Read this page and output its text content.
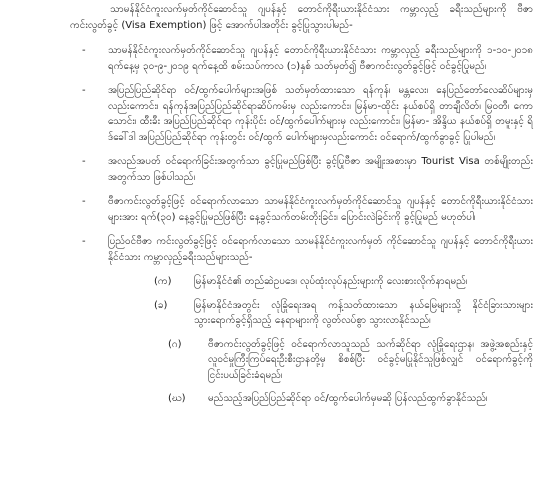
သာမန်နိုင်ငံကူးလက်မှတ်ကိုင်ဆောင်သူ ဂျပန်နှင့် တောင်ကိုရီးယားနိုင်ငံသား ကမ္ဘာလှည့် ခရီးသည်များကို ဗီဇာကင်းလွတ်ခွင့် (Visa Exemption) ဖြင့် အောက်ပါအတိုင်း ခွင့်ပြုသွားပါမည်-

- သာမန်နိုင်ငံကူးလက်မှတ်ကိုင်ဆောင်သူ ဂျပန်နှင့် တောင်ကိုရီးယားနိုင်ငံသား ကမ္ဘာလှည့် ခရီးသည်များကို ၁-၁၀-၂၀၁၈ ရက်နေ့မှ ၃၀-၉-၂၀၁၉ ရက်နေ့ထိ စမ်းသပ်ကာလ (၁)နှစ် သတ်မှတ်၍ ဗီဇာကင်းလွတ်ခွင့်ဖြင့် ဝင်ခွင့်ပြုမည်၊
- အပြည်ပြည်ဆိုင်ရာ ဝင်/ထွက်ပေါက်များအဖြစ် သတ်မှတ်ထားသော ရန်ကုန်၊ မန္တလေး၊ နေပြည်တော်လေဆိပ်များမှ လည်းကောင်း၊ ရန်ကုန်အပြည်ပြည်ဆိုင်ရာဆိပ်ကမ်းမှ လည်းကောင်း၊ မြန်မာ-ထိုင်း နယ်စပ်ရှိ တာချီလိတ်၊ မြဝတီ၊ ကောသောင်း၊ ထီးခီး အပြည်ပြည်ဆိုင်ရာ ကုန်းပိုင်း ဝင်/ထွက်ပေါက်များမှ လည်းကောင်း၊ မြန်မာ- အိန္ဒိယ နယ်စပ်ရှိ တမူးနှင့် ရိဒ်ခေါ်ဒါ အပြည်ပြည်ဆိုင်ရာ ကုန်းတွင်း ဝင်/ထွက် ပေါက်များမှလည်းကောင်း ဝင်ရောက်/ထွက်ခွာခွင့် ပြုပါမည်၊
- အလည်အပတ် ဝင်ရောက်ခြင်းအတွက်သာ ခွင့်ပြုမည်ဖြစ်ပြီး ခွင့်ပြုဗီဇာ အမျိုးအစားမှာ Tourist Visa တစ်မျိုးတည်းအတွက်သာ ဖြစ်ပါသည်၊
- ဗီဇာကင်းလွတ်ခွင့်ဖြင့် ဝင်ရောက်လာသော သာမန်နိုင်ငံကူးလက်မှတ်ကိုင်ဆောင်သူ ဂျပန်နှင့် တောင်ကိုရီးယားနိုင်ငံသားများအား ရက်(၃၀) နေ့ခွင့်ပြုမည်ဖြစ်ပြီး နေ့ခွင့်သက်တမ်းတိုးခြင်း၊ ပြောင်းလဲခြင်းကို ခွင့်ပြုမည် မဟုတ်ပါ၊
- ပြည်ဝင်ဗီဇာ ကင်းလွတ်ခွင့်ဖြင့် ဝင်ရောက်လာသော သာမန်နိုင်ငံကူးလက်မှတ် ကိုင်ဆောင်သူ ဂျပန်နှင့် တောင်ကိုရီးယားနိုင်ငံသား ကမ္ဘာလှည့်ခရီးသည်များသည်-
(က) မြန်မာနိုင်ငံ၏ တည်ဆဲဥပဒေ၊ လုပ်ထုံးလုပ်နည်းများကို လေးစားလိုက်နာရမည်၊
(ခ)	မြန်မာနိုင်ငံအတွင်း လုံခြုံရေးအရ ကန့်သတ်ထားသော နယ်မြေများသို့ နိုင်ငံခြားသားများ သွားရောက်ခွင့်ရှိသည့် နေရာများကို လွတ်လပ်စွာ သွားလာနိုင်သည်၊
(ဂ)	ဗီဇာကင်းလွတ်ခွင့်ဖြင့် ဝင်ရောက်လာသူသည် သက်ဆိုင်ရာ လုံခြုံရေးဌာန၊ အဖွဲ့အစည်းနှင့်လူဝင်မှုကြီးကြပ်ရေးဦးစီးဌာနတို့မှ စိစစ်ပြီး ဝင်ခွင့်မပြုနိုင်သူဖြစ်လျှင် ဝင်ရောက်ခွင့်ကို ငြင်းပယ်ခြင်းခံရမည်၊
(ဃ) မည်သည့်အပြည်ပြည်ဆိုင်ရာ ဝင်/ထွက်ပေါက်မှမဆို ပြန်လည်ထွက်ခွာနိုင်သည်၊
